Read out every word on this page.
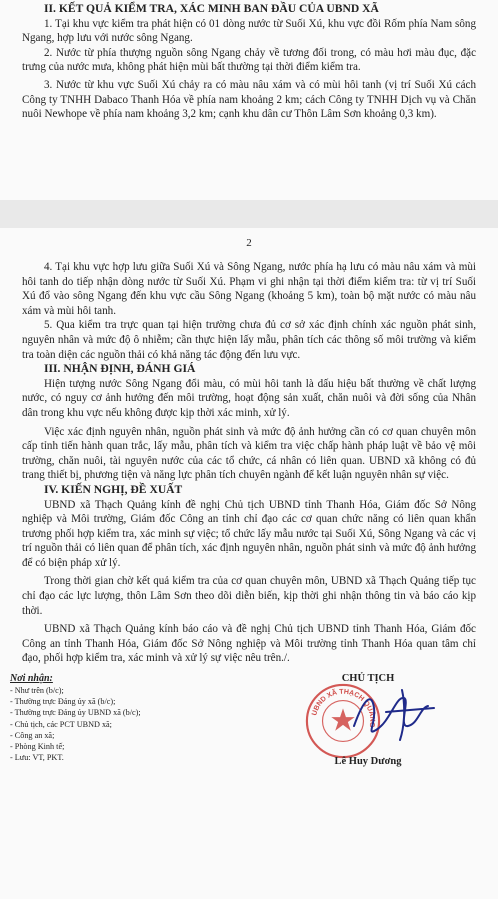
II. KẾT QUẢ KIỂM TRA, XÁC MINH BAN ĐẦU CỦA UBND XÃ

1. Tại khu vực kiểm tra phát hiện có 01 dòng nước từ Suối Xú, khu vực đồi Rốm phía Nam sông Ngang, hợp lưu với nước sông Ngang.

2. Nước từ phía thượng nguồn sông Ngang chảy về tương đối trong, có màu hơi màu đục, đặc trưng của nước mưa, không phát hiện mùi bất thường tại thời điểm kiểm tra.

3. Nước từ khu vực Suối Xú chảy ra có màu nâu xám và có mùi hôi tanh (vị trí Suối Xú cách Công ty TNHH Dabaco Thanh Hóa về phía nam khoảng 2 km; cách Công ty TNHH Dịch vụ và Chăn nuôi Newhope về phía nam khoảng 3,2 km; cạnh khu dân cư Thôn Lâm Sơn khoảng 0,3 km).

2

4. Tại khu vực hợp lưu giữa Suối Xú và Sông Ngang, nước phía hạ lưu có màu nâu xám và mùi hôi tanh do tiếp nhận dòng nước từ Suối Xú. Phạm vi ghi nhận tại thời điểm kiểm tra: từ vị trí Suối Xú đổ vào sông Ngang đến khu vực cầu Sông Ngang (khoảng 5 km), toàn bộ mặt nước có màu nâu xám và mùi hôi tanh.

5. Qua kiểm tra trực quan tại hiện trường chưa đủ cơ sở xác định chính xác nguồn phát sinh, nguyên nhân và mức độ ô nhiễm; cần thực hiện lấy mẫu, phân tích các thông số môi trường và kiểm tra toàn diện các nguồn thải có khả năng tác động đến lưu vực.

III. NHẬN ĐỊNH, ĐÁNH GIÁ

Hiện tượng nước Sông Ngang đổi màu, có mùi hôi tanh là dấu hiệu bất thường về chất lượng nước, có nguy cơ ảnh hưởng đến môi trường, hoạt động sản xuất, chăn nuôi và đời sống của Nhân dân trong khu vực nếu không được kịp thời xác minh, xử lý.

Việc xác định nguyên nhân, nguồn phát sinh và mức độ ảnh hưởng cần có cơ quan chuyên môn cấp tỉnh tiến hành quan trắc, lấy mẫu, phân tích và kiểm tra việc chấp hành pháp luật về bảo vệ môi trường, chăn nuôi, tài nguyên nước của các tổ chức, cá nhân có liên quan. UBND xã không có đủ trang thiết bị, phương tiện và năng lực phân tích chuyên ngành để kết luận nguyên nhân sự việc.

IV. KIẾN NGHỊ, ĐỀ XUẤT

UBND xã Thạch Quảng kính đề nghị Chủ tịch UBND tỉnh Thanh Hóa, Giám đốc Sở Nông nghiệp và Môi trường, Giám đốc Công an tỉnh chỉ đạo các cơ quan chức năng có liên quan khẩn trương phối hợp kiểm tra, xác minh sự việc; tổ chức lấy mẫu nước tại Suối Xú, Sông Ngang và các vị trí nguồn thải có liên quan để phân tích, xác định nguyên nhân, nguồn phát sinh và mức độ ảnh hưởng để có biện pháp xử lý.

Trong thời gian chờ kết quả kiểm tra của cơ quan chuyên môn, UBND xã Thạch Quảng tiếp tục chỉ đạo các lực lượng, thôn Lâm Sơn theo dõi diễn biến, kịp thời ghi nhận thông tin và báo cáo kịp thời.

UBND xã Thạch Quảng kính báo cáo và đề nghị Chủ tịch UBND tỉnh Thanh Hóa, Giám đốc Công an tỉnh Thanh Hóa, Giám đốc Sở Nông nghiệp và Môi trường tỉnh Thanh Hóa quan tâm chỉ đạo, phối hợp kiểm tra, xác minh và xử lý sự việc nêu trên./.

Nơi nhận:
- Như trên (b/c);
- Thường trực Đảng ủy xã (b/c);
- Thường trực Đảng ủy UBND xã (b/c);
- Chủ tịch, các PCT UBND xã;
- Công an xã;
- Phòng Kinh tế;
- Lưu: VT, PKT.
CHỦ TỊCH
UBND XÃ THẠCH QUẢNG
Lê Huy Dương
